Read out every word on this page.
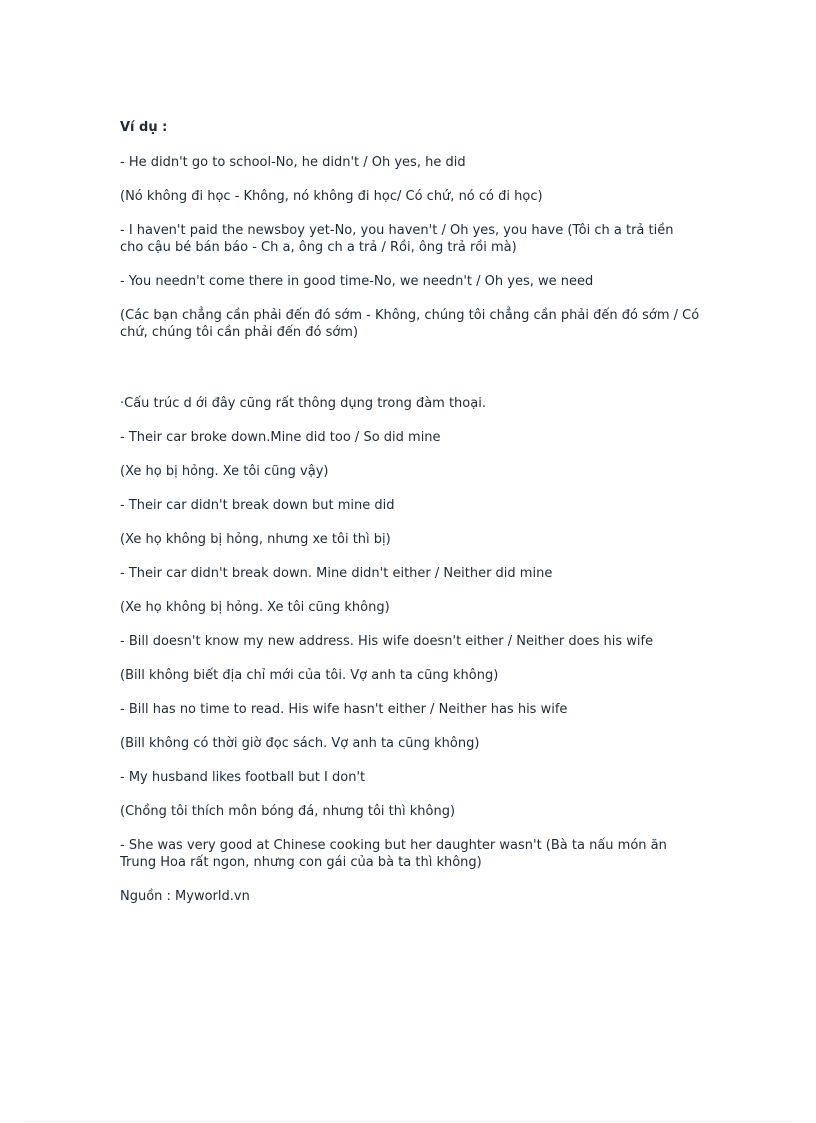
Ví dụ :

- He didn't go to school-No, he didn't / Oh yes, he did

(Nó không đi học - Không, nó không đi học/ Có chứ, nó có đi học)

- I haven't paid the newsboy yet-No, you haven't / Oh yes, you have (Tôi ch a trả tiền cho cậu bé bán báo - Ch a, ông ch a trả / Rồi, ông trả rồi mà)

- You needn't come there in good time-No, we needn't / Oh yes, we need

(Các bạn chẳng cần phải đến đó sớm - Không, chúng tôi chẳng cần phải đến đó sớm / Có chứ, chúng tôi cần phải đến đó sớm)

·Cấu trúc d ới đây cũng rất thông dụng trong đàm thoại.

- Their car broke down.Mine did too / So did mine

(Xe họ bị hỏng. Xe tôi cũng vậy)

- Their car didn't break down but mine did

(Xe họ không bị hỏng, nhưng xe tôi thì bị)

- Their car didn't break down. Mine didn't either / Neither did mine

(Xe họ không bị hỏng. Xe tôi cũng không)

- Bill doesn't know my new address. His wife doesn't either / Neither does his wife

(Bill không biết địa chỉ mới của tôi. Vợ anh ta cũng không)

- Bill has no time to read. His wife hasn't either / Neither has his wife

(Bill không có thời giờ đọc sách. Vợ anh ta cũng không)

- My husband likes football but I don't

(Chồng tôi thích môn bóng đá, nhưng tôi thì không)

- She was very good at Chinese cooking but her daughter wasn't (Bà ta nấu món ăn Trung Hoa rất ngon, nhưng con gái của bà ta thì không)

Nguồn : Myworld.vn
